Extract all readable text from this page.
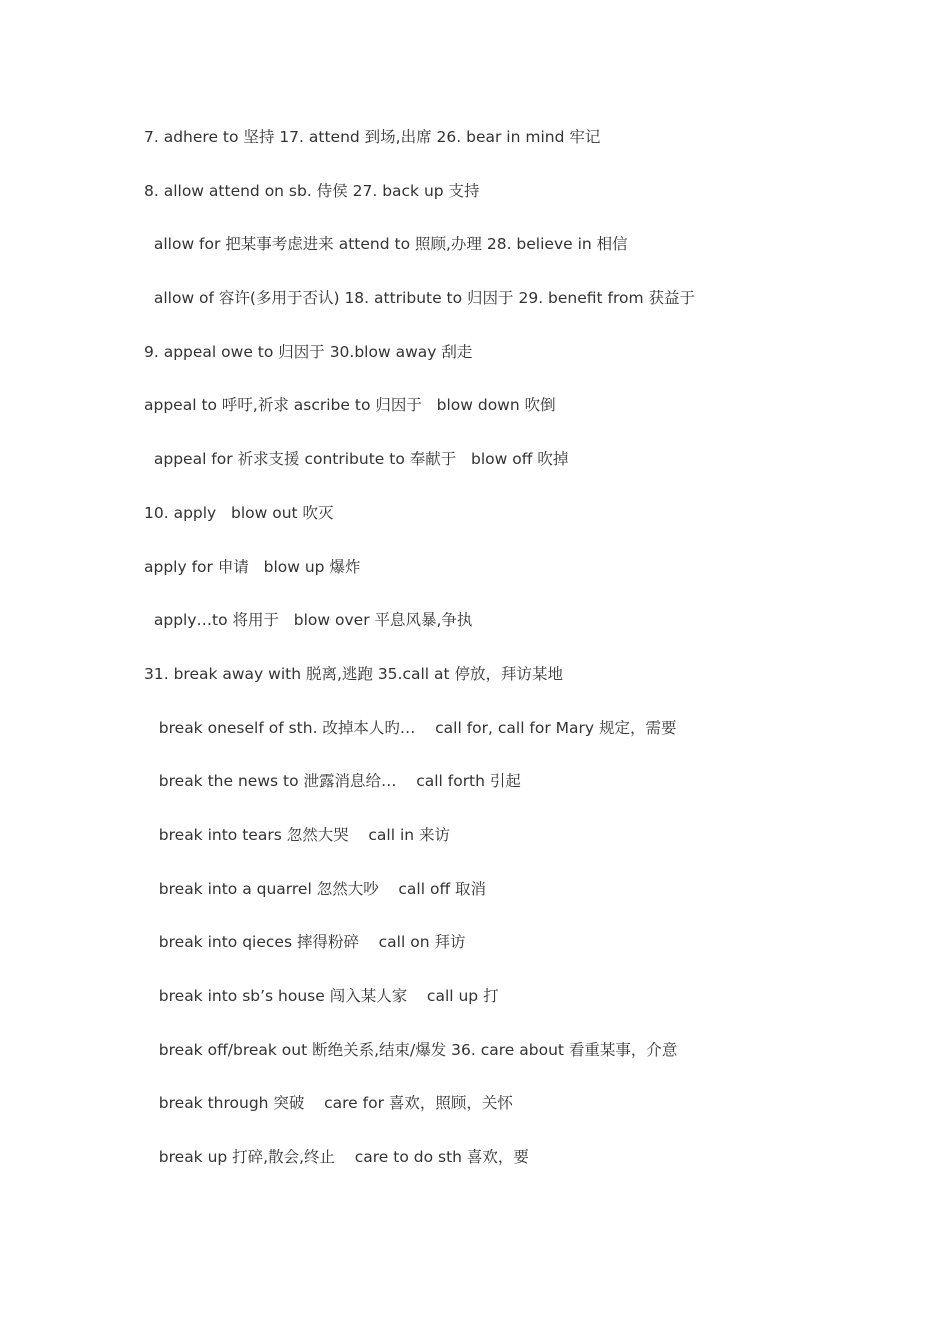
7. adhere to 坚持 17. attend 到场,出席 26. bear in mind 牢记
8. allow attend on sb. 侍侯 27. back up 支持
allow for 把某事考虑进来 attend to 照顾,办理 28. believe in 相信
allow of 容许(多用于否认) 18. attribute to 归因于 29. benefit from 获益于
9. appeal owe to 归因于 30.blow away 刮走
appeal to 呼吁,祈求 ascribe to 归因于   blow down 吹倒
appeal for 祈求支援 contribute to 奉献于   blow off 吹掉
10. apply   blow out 吹灭
apply for 申请   blow up 爆炸
apply…to 将用于   blow over 平息风暴,争执
31. break away with 脱离,逃跑 35.call at 停放，拜访某地
break oneself of sth. 改掉本人旳…    call for, call for Mary 规定，需要
break the news to 泄露消息给…    call forth 引起
break into tears 忽然大哭    call in 来访
break into a quarrel 忽然大吵    call off 取消
break into qieces 摔得粉碎    call on 拜访
break into sb’s house 闯入某人家    call up 打
break off/break out 断绝关系,结束/爆发 36. care about 看重某事，介意
break through 突破    care for 喜欢，照顾，关怀
break up 打碎,散会,终止    care to do sth 喜欢，要
